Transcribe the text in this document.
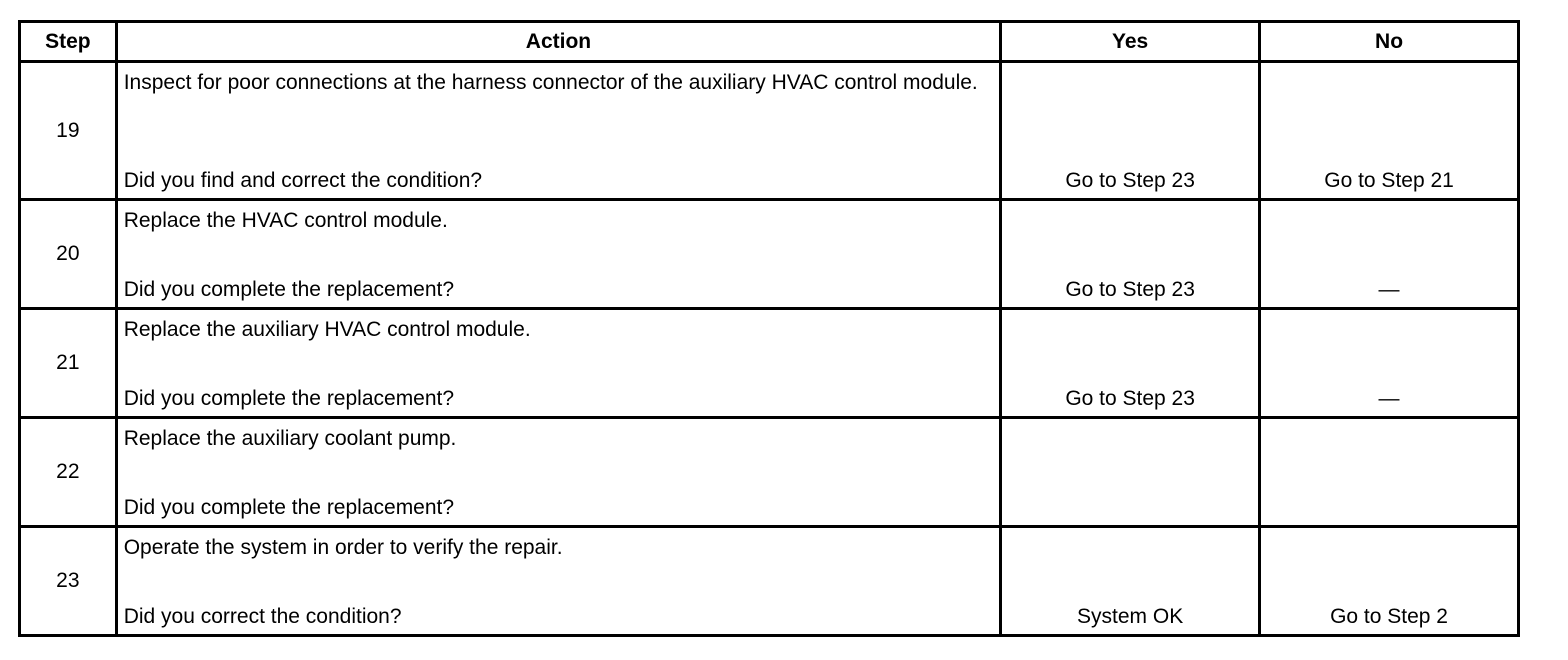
Step	Action	Yes	No
19	Inspect for poor connections at the harness connector of the auxiliary HVAC control module.
Did you find and correct the condition?	Go to Step 23	Go to Step 21

20	Replace the HVAC control module.
Did you complete the replacement?	Go to Step 23	—

21	Replace the auxiliary HVAC control module.
Did you complete the replacement?	Go to Step 23	—

22	Replace the auxiliary coolant pump.
Did you complete the replacement?		

23	Operate the system in order to verify the repair.
Did you correct the condition?	System OK	Go to Step 2
